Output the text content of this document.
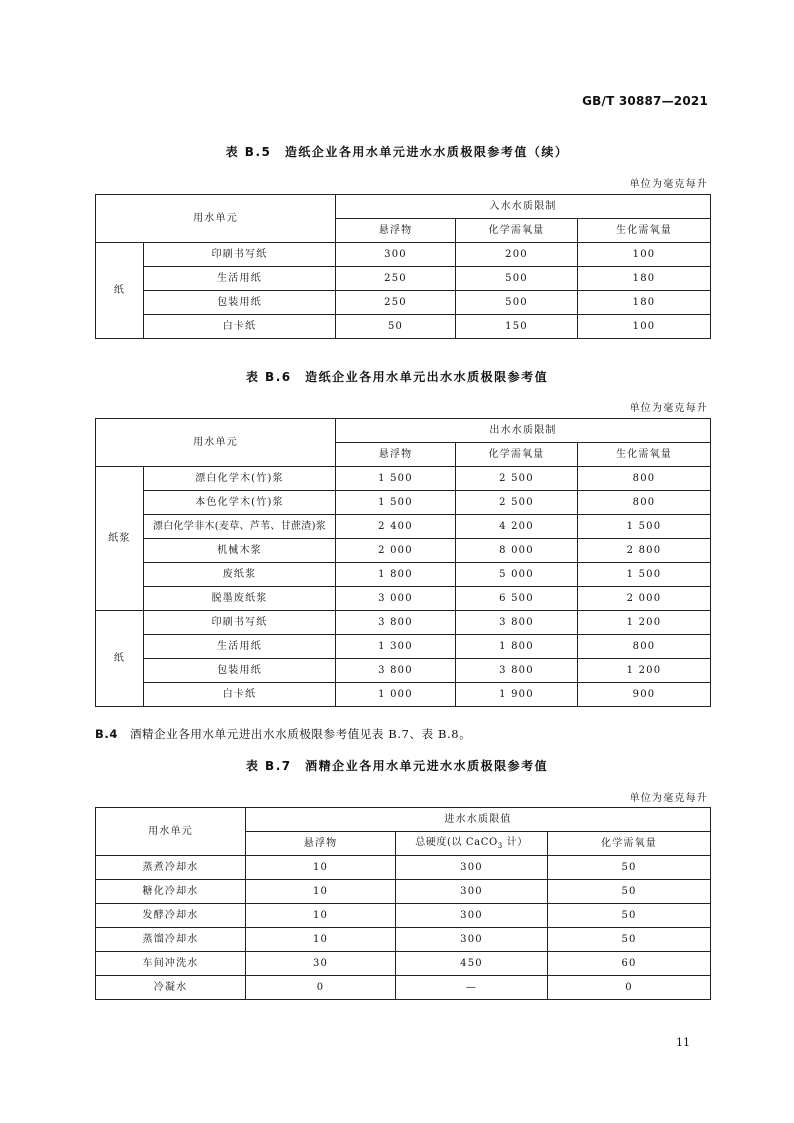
GB/T 30887—2021
表 B.5　造纸企业各用水单元进水水质极限参考值（续）
单位为毫克每升
用水单元		入水水质限制		
		悬浮物	化学需氧量	生化需氧量
纸	印刷书写纸	300	200	100
	生活用纸	250	500	180
	包装用纸	250	500	180
	白卡纸	50	150	100
表 B.6　造纸企业各用水单元出水水质极限参考值
单位为毫克每升
用水单元		出水水质限制		
		悬浮物	化学需氧量	生化需氧量
纸浆	漂白化学木(竹)浆	1 500	2 500	800
	本色化学木(竹)浆	1 500	2 500	800
	漂白化学非木(麦草、芦苇、甘蔗渣)浆	2 400	4 200	1 500
	机械木浆	2 000	8 000	2 800
	废纸浆	1 800	5 000	1 500
	脱墨废纸浆	3 000	6 500	2 000
纸	印刷书写纸	3 800	3 800	1 200
	生活用纸	1 300	1 800	800
	包装用纸	3 800	3 800	1 200
	白卡纸	1 000	1 900	900
B.4 酒精企业各用水单元进出水水质极限参考值见表 B.7、表 B.8。
表 B.7　酒精企业各用水单元进水水质极限参考值
单位为毫克每升
用水单元	进水水质限值		
	悬浮物	总硬度(以 CaCO$_3$ 计）	化学需氧量
蒸煮冷却水	10	300	50
糖化冷却水	10	300	50
发酵冷却水	10	300	50
蒸馏冷却水	10	300	50
车间冲洗水	30	450	60
冷凝水	0	—	0
11
